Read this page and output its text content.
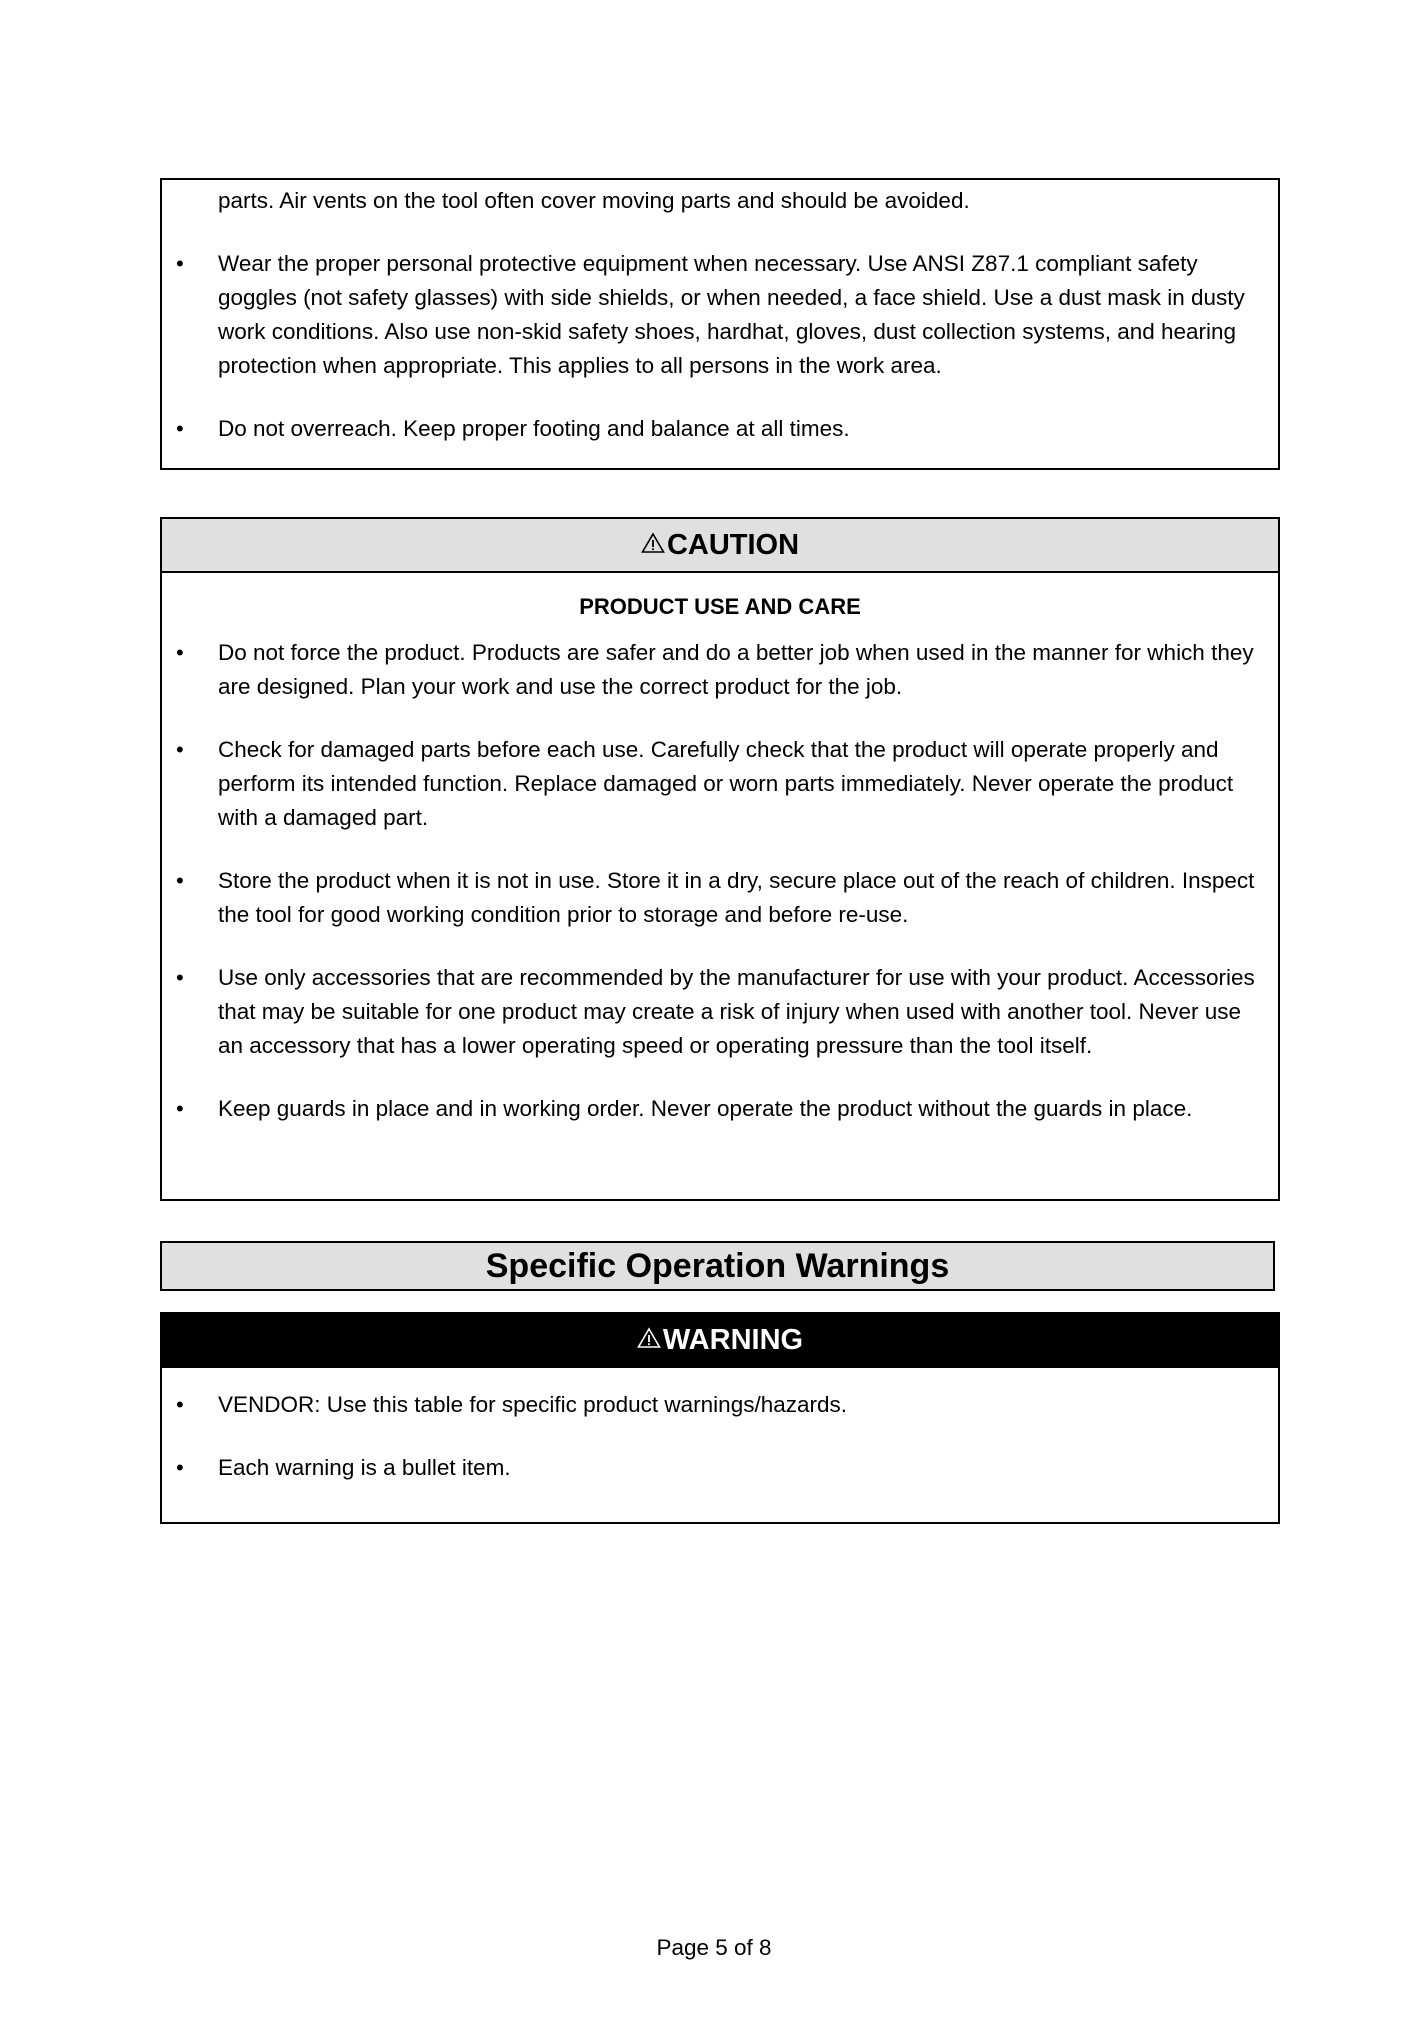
parts. Air vents on the tool often cover moving parts and should be avoided.
• Wear the proper personal protective equipment when necessary. Use ANSI Z87.1 compliant safety goggles (not safety glasses) with side shields, or when needed, a face shield. Use a dust mask in dusty work conditions. Also use non-skid safety shoes, hardhat, gloves, dust collection systems, and hearing protection when appropriate. This applies to all persons in the work area.
• Do not overreach. Keep proper footing and balance at all times.
CAUTION
PRODUCT USE AND CARE
• Do not force the product. Products are safer and do a better job when used in the manner for which they are designed. Plan your work and use the correct product for the job.
• Check for damaged parts before each use. Carefully check that the product will operate properly and perform its intended function. Replace damaged or worn parts immediately. Never operate the product with a damaged part.
• Store the product when it is not in use. Store it in a dry, secure place out of the reach of children. Inspect the tool for good working condition prior to storage and before re-use.
• Use only accessories that are recommended by the manufacturer for use with your product. Accessories that may be suitable for one product may create a risk of injury when used with another tool. Never use an accessory that has a lower operating speed or operating pressure than the tool itself.
• Keep guards in place and in working order. Never operate the product without the guards in place.
Specific Operation Warnings
WARNING
• VENDOR: Use this table for specific product warnings/hazards.
• Each warning is a bullet item.
Page 5 of 8
